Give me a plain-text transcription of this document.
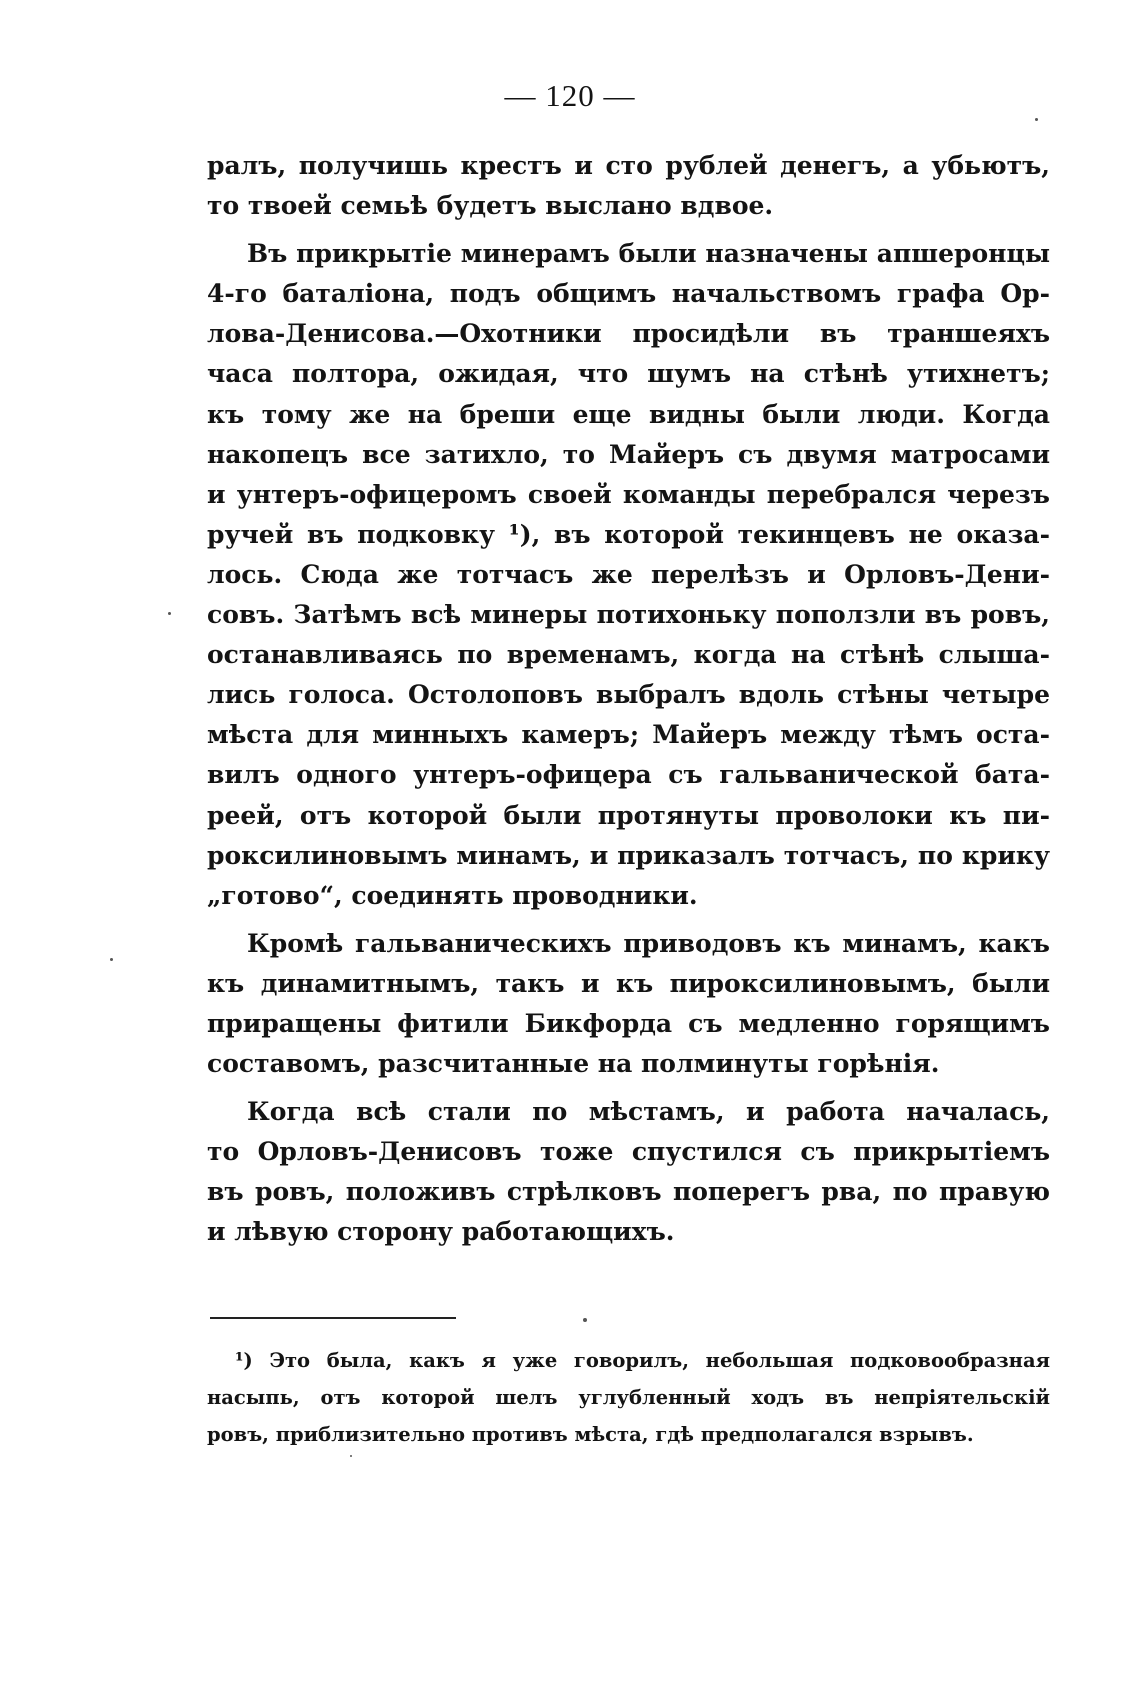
— 120 —
ралъ, получишь крестъ и сто рублей денегъ, а убьютъ,
то твоей семьѣ будетъ выслано вдвое.
Въ прикрытіе минерамъ были назначены апшеронцы
4-го баталіона, подъ общимъ начальствомъ графа Ор-
лова-Денисова.—Охотники просидѣли въ траншеяхъ
часа полтора, ожидая, что шумъ на стѣнѣ утихнетъ;
къ тому же на бреши еще видны были люди. Когда
накопецъ все затихло, то Майеръ съ двумя матросами
и унтеръ-офицеромъ своей команды перебрался черезъ
ручей въ подковку ¹), въ которой текинцевъ не оказа-
лось. Сюда же тотчасъ же перелѣзъ и Орловъ-Дени-
совъ. Затѣмъ всѣ минеры потихоньку поползли въ ровъ,
останавливаясь по временамъ, когда на стѣнѣ слыша-
лись голоса. Остолоповъ выбралъ вдоль стѣны четыре
мѣста для минныхъ камеръ; Майеръ между тѣмъ оста-
вилъ одного унтеръ-офицера съ гальванической бата-
реей, отъ которой были протянуты проволоки къ пи-
роксилиновымъ минамъ, и приказалъ тотчасъ, по крику
„готово“, соединять проводники.
Кромѣ гальваническихъ приводовъ къ минамъ, какъ
къ динамитнымъ, такъ и къ пироксилиновымъ, были
приращены фитили Бикфорда съ медленно горящимъ
составомъ, разсчитанные на полминуты горѣнія.
Когда всѣ стали по мѣстамъ, и работа началась,
то Орловъ-Денисовъ тоже спустился съ прикрытіемъ
въ ровъ, положивъ стрѣлковъ поперегъ рва, по правую
и лѣвую сторону работающихъ.
¹) Это была, какъ я уже говорилъ, небольшая подковообразная
насыпь, отъ которой шелъ углубленный ходъ въ непріятельскій
ровъ, приблизительно противъ мѣста, гдѣ предполагался взрывъ.
